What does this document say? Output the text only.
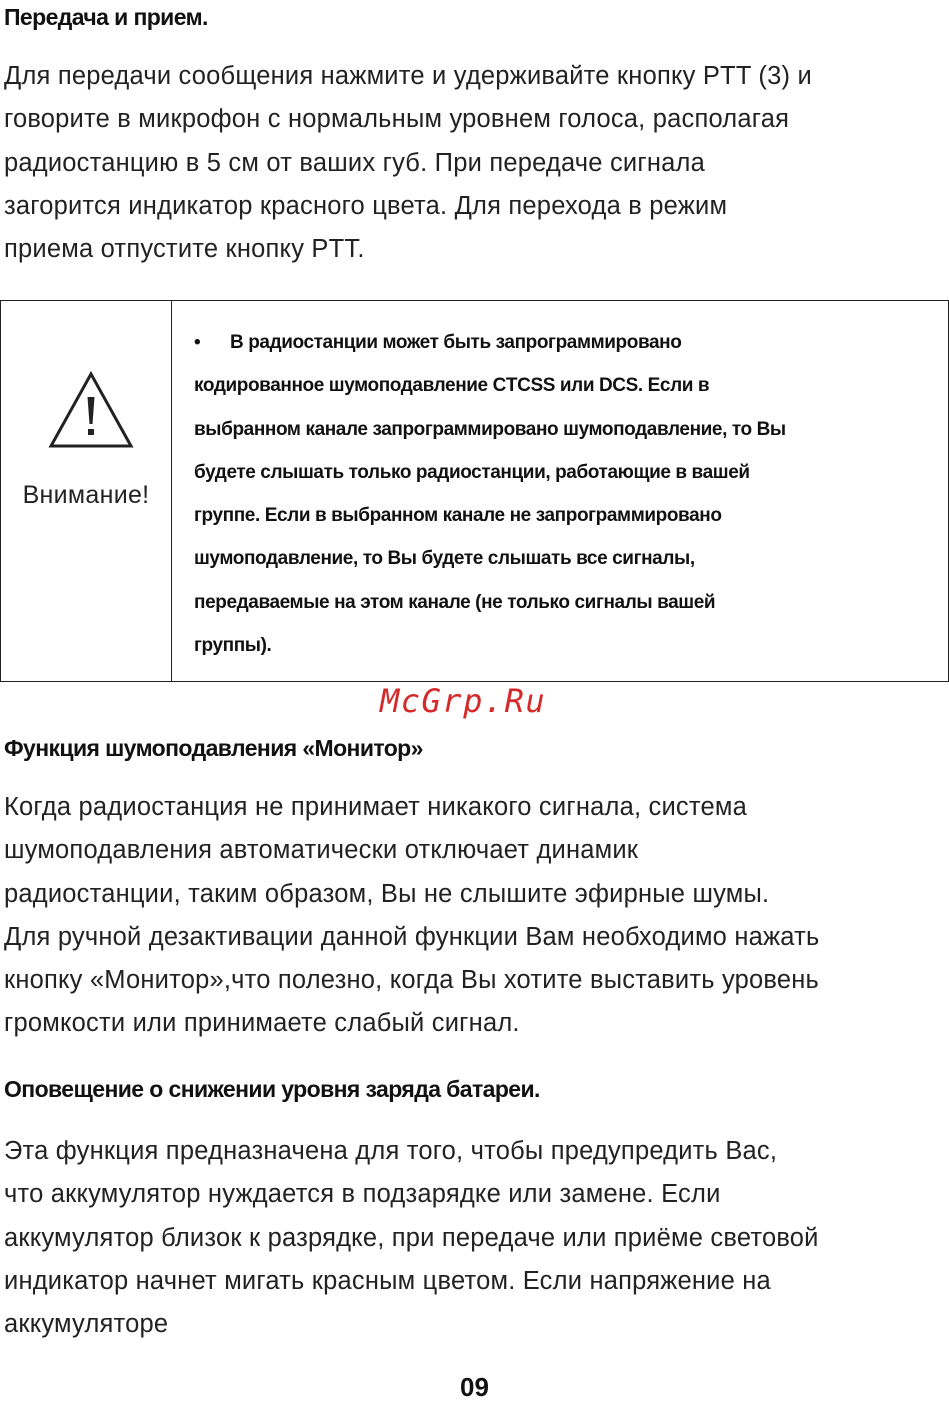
Передача и прием.
Для передачи сообщения нажмите и удерживайте кнопку PTT (3) и
говорите в микрофон с нормальным уровнем голоса, располагая
радиостанцию в 5 см от ваших губ. При передаче сигнала
загорится индикатор красного цвета. Для перехода в режим
приема отпустите кнопку PTT.
Внимание!
• В радиостанции может быть запрограммировано
кодированное шумоподавление CTCSS или DCS. Если в
выбранном канале запрограммировано шумоподавление, то Вы
будете слышать только радиостанции, работающие в вашей
группе. Если в выбранном канале не запрограммировано
шумоподавление, то Вы будете слышать все сигналы,
передаваемые на этом канале (не только сигналы вашей
группы).
McGrp.Ru
Функция шумоподавления «Монитор»
Когда радиостанция не принимает никакого сигнала, система
шумоподавления автоматически отключает динамик
радиостанции, таким образом, Вы не слышите эфирные шумы.
Для ручной дезактивации данной функции Вам необходимо нажать
кнопку «Монитор»,что полезно, когда Вы хотите выставить уровень
громкости или принимаете слабый сигнал.
Оповещение о снижении уровня заряда батареи.
Эта функция предназначена для того, чтобы предупредить Вас,
что аккумулятор нуждается в подзарядке или замене. Если
аккумулятор близок к разрядке, при передаче или приёме световой
индикатор начнет мигать красным цветом. Если напряжение на
аккумуляторе
09
